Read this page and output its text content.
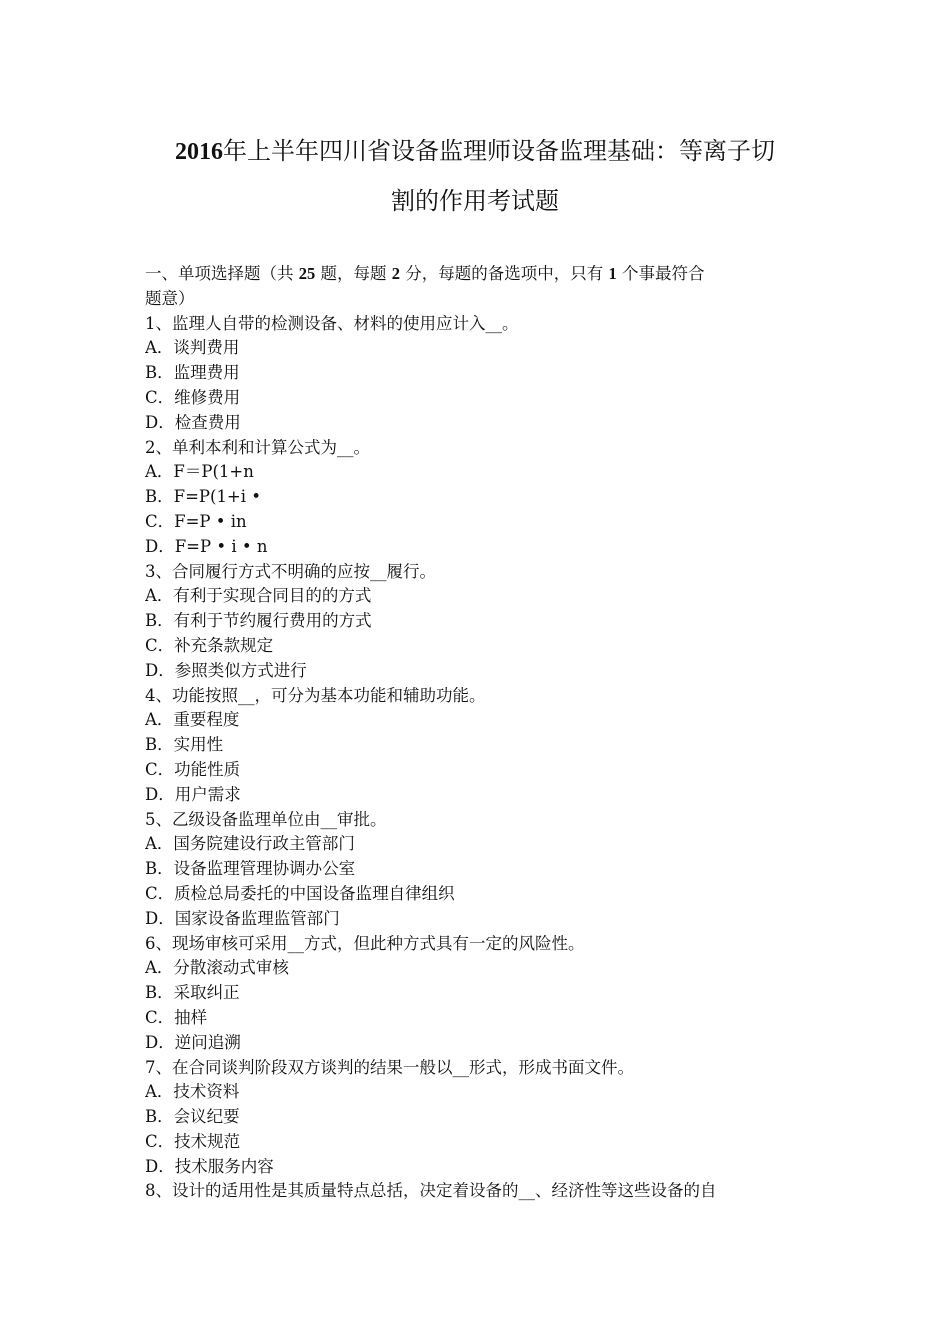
2016年上半年四川省设备监理师设备监理基础：等离子切
割的作用考试题
一、单项选择题（共 25 题，每题 2 分，每题的备选项中，只有 1 个事最符合
题意）
1、监理人自带的检测设备、材料的使用应计入__。
A．谈判费用
B．监理费用
C．维修费用
D．检查费用
2、单利本利和计算公式为__。
A．F＝P(1+n
B．F=P(1+i •
C．F=P • in
D．F=P • i • n
3、合同履行方式不明确的应按__履行。
A．有利于实现合同目的的方式
B．有利于节约履行费用的方式
C．补充条款规定
D．参照类似方式进行
4、功能按照__，可分为基本功能和辅助功能。
A．重要程度
B．实用性
C．功能性质
D．用户需求
5、乙级设备监理单位由__审批。
A．国务院建设行政主管部门
B．设备监理管理协调办公室
C．质检总局委托的中国设备监理自律组织
D．国家设备监理监管部门
6、现场审核可采用__方式，但此种方式具有一定的风险性。
A．分散滚动式审核
B．采取纠正
C．抽样
D．逆问追溯
7、在合同谈判阶段双方谈判的结果一般以__形式，形成书面文件。
A．技术资料
B．会议纪要
C．技术规范
D．技术服务内容
8、设计的适用性是其质量特点总括，决定着设备的__、经济性等这些设备的自
